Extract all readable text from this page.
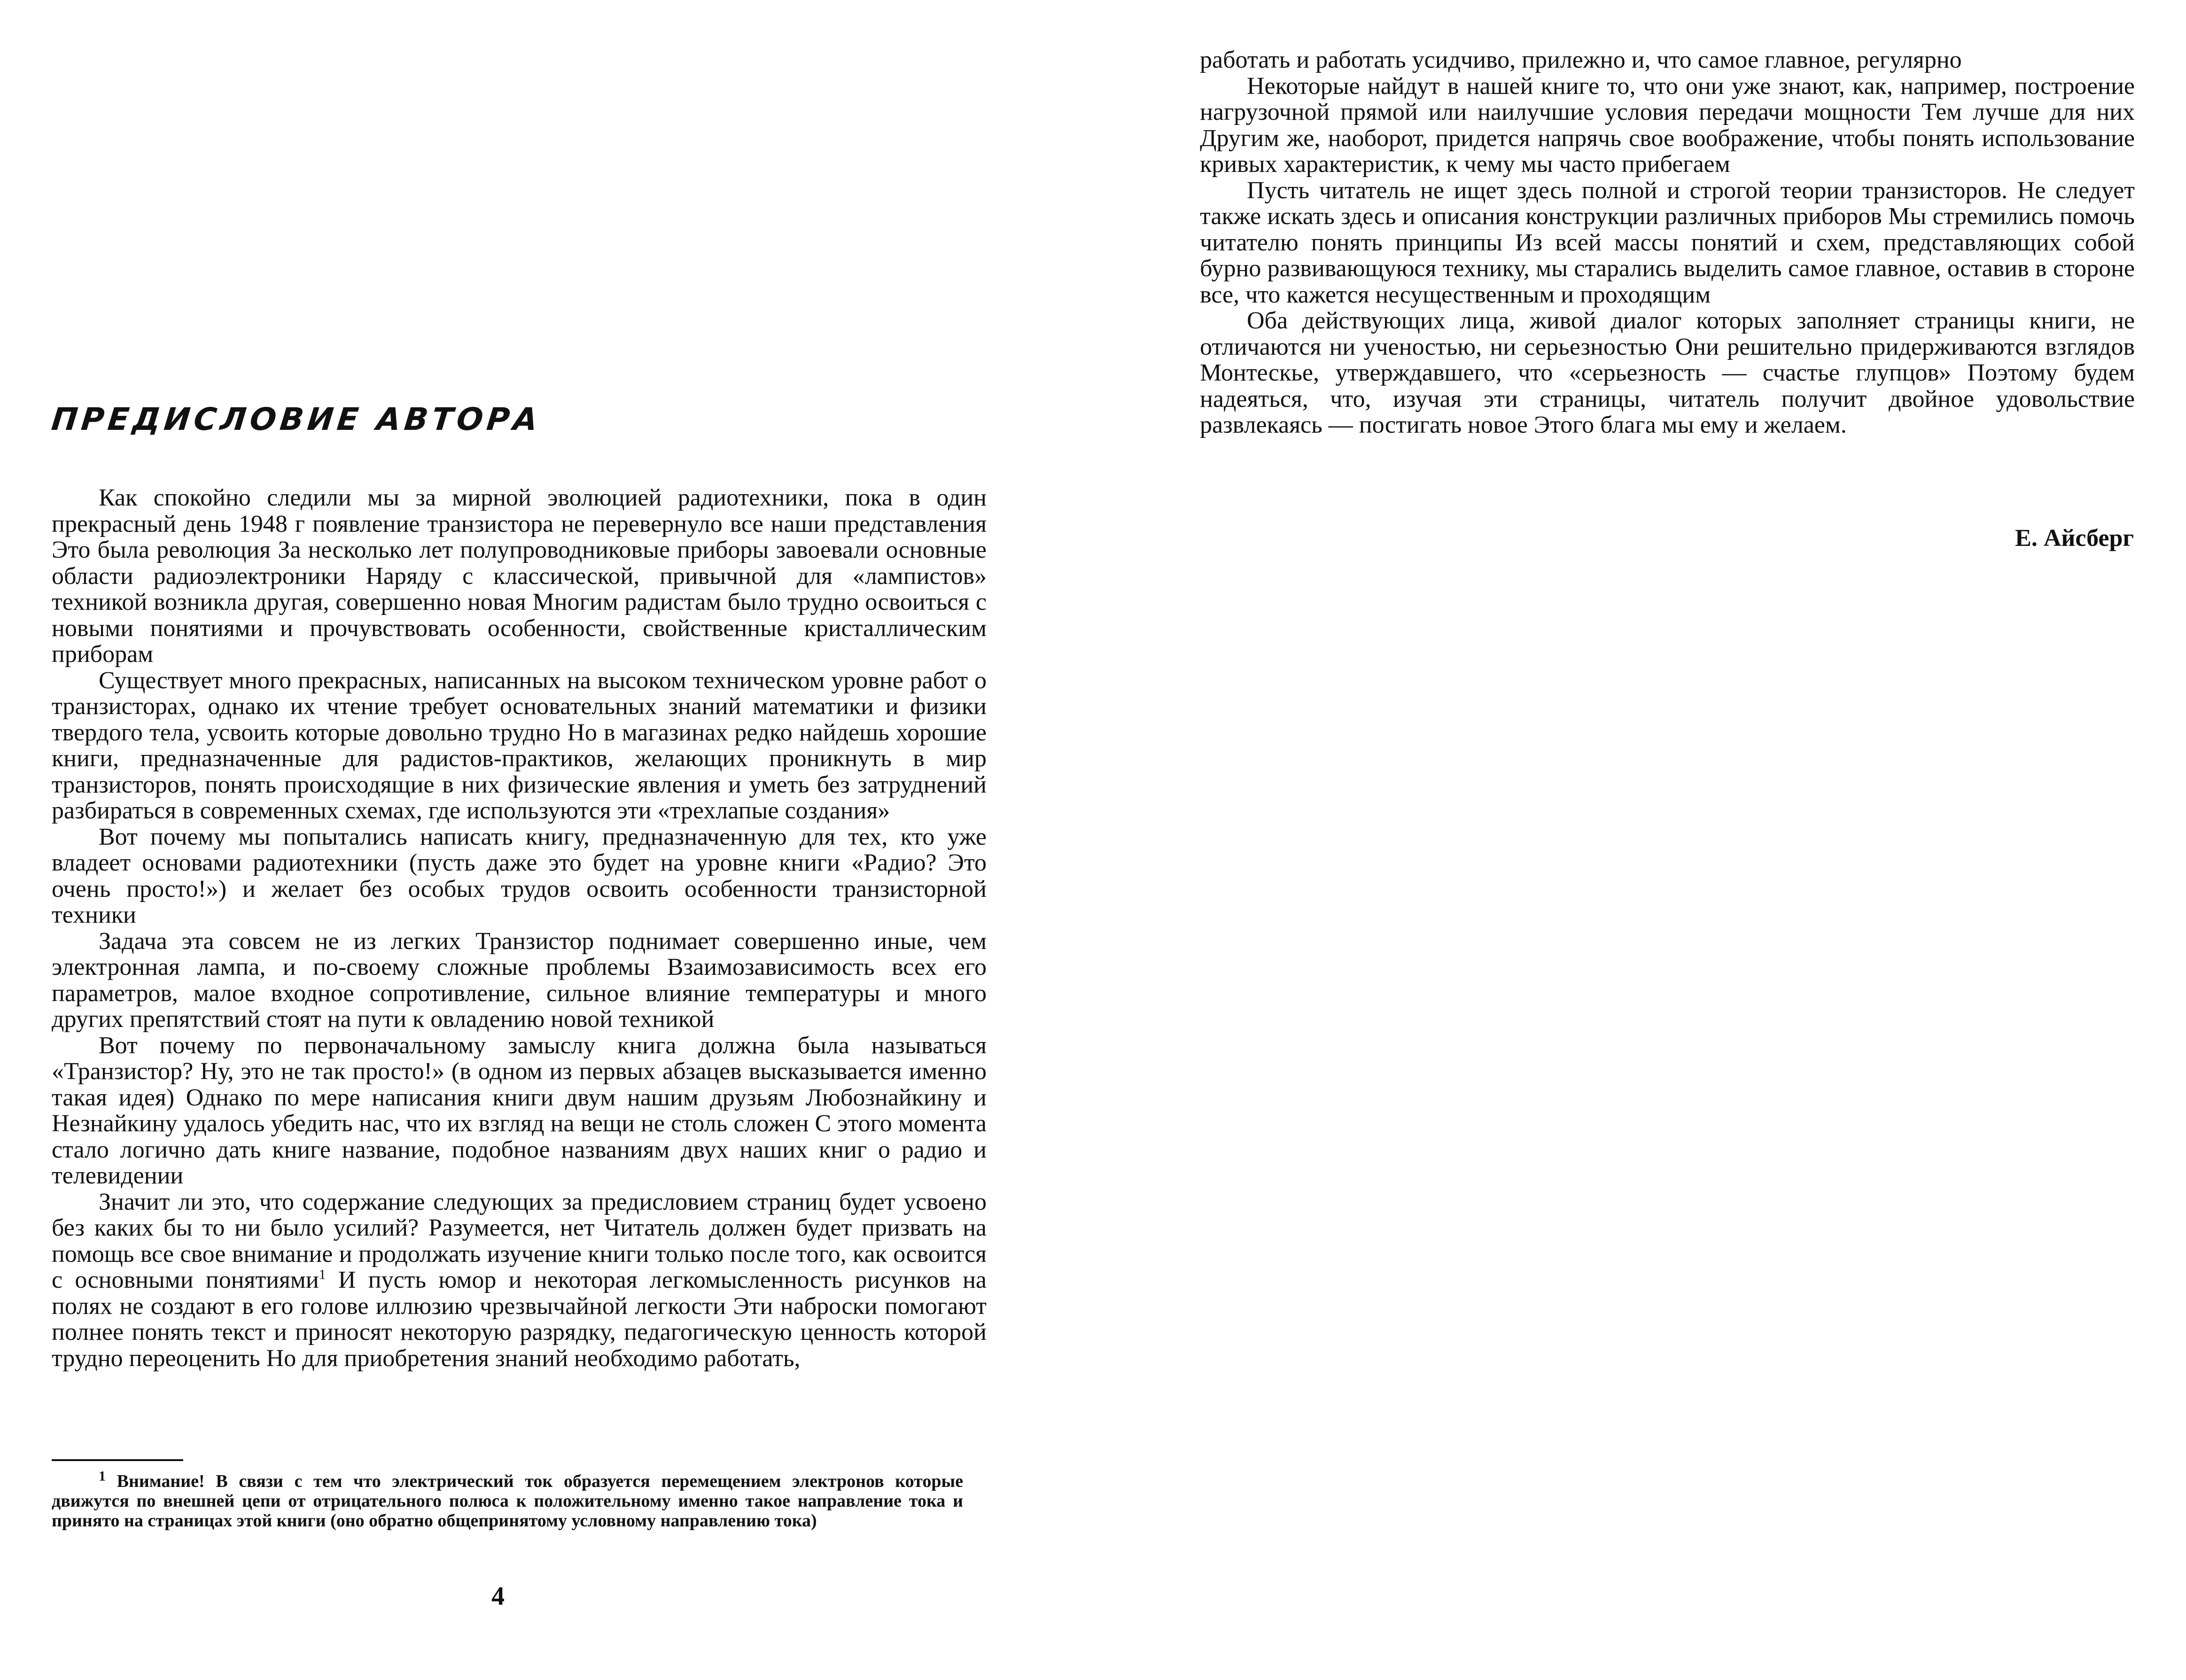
ПРЕДИСЛОВИЕ АВТОРА

Как спокойно следили мы за мирной эволюцией радиотехники, пока в один прекрасный день 1948 г появление транзистора не перевернуло все наши представления Это была революция За несколько лет полупроводниковые приборы завоевали основные области радиоэлектроники Наряду с классической, привычной для «лампистов» техникой возникла другая, совершенно новая Многим радистам было трудно освоиться с новыми понятиями и прочувствовать особенности, свойственные кристаллическим приборам

Существует много прекрасных, написанных на высоком техническом уровне работ о транзисторах, однако их чтение требует основательных знаний математики и физики твердого тела, усвоить которые довольно трудно Но в магазинах редко найдешь хорошие книги, предназначенные для радистов-практиков, желающих проникнуть в мир транзисторов, понять происходящие в них физические явления и уметь без затруднений разбираться в современных схемах, где используются эти «трехлапые создания»

Вот почему мы попытались написать книгу, предназначенную для тех, кто уже владеет основами радиотехники (пусть даже это будет на уровне книги «Радио? Это очень просто!») и желает без особых трудов освоить особенности транзисторной техники

Задача эта совсем не из легких Транзистор поднимает совершенно иные, чем электронная лампа, и по-своему сложные проблемы Взаимозависимость всех его параметров, малое входное сопротивление, сильное влияние температуры и много других препятствий стоят на пути к овладению новой техникой

Вот почему по первоначальному замыслу книга должна была называться «Транзистор? Ну, это не так просто!» (в одном из первых абзацев высказывается именно такая идея) Однако по мере написания книги двум нашим друзьям Любознайкину и Незнайкину удалось убедить нас, что их взгляд на вещи не столь сложен С этого момента стало логично дать книге название, подобное названиям двух наших книг о радио и телевидении

Значит ли это, что содержание следующих за предисловием страниц будет усвоено без каких бы то ни было усилий? Разумеется, нет Читатель должен будет призвать на помощь все свое внимание и продолжать изучение книги только после того, как освоится с основными понятиями$^1$ И пусть юмор и некоторая легкомысленность рисунков на полях не создают в его голове иллюзию чрезвычайной легкости Эти наброски помогают полнее понять текст и приносят некоторую разрядку, педагогическую ценность которой трудно переоценить Но для приобретения знаний необходимо работать,

$^1$ Внимание! В связи с тем что электрический ток образуется перемещением электронов которые движутся по внешней цепи от отрицательного полюса к положительному именно такое направление тока и принято на страницах этой книги (оно обратно общепринятому условному направлению тока)

4

работать и работать усидчиво, прилежно и, что самое главное, регулярно

Некоторые найдут в нашей книге то, что они уже знают, как, например, построение нагрузочной прямой или наилучшие условия передачи мощности Тем лучше для них Другим же, наоборот, придется напрячь свое воображение, чтобы понять использование кривых характеристик, к чему мы часто прибегаем

Пусть читатель не ищет здесь полной и строгой теории транзисторов. Не следует также искать здесь и описания конструкции различных приборов Мы стремились помочь читателю понять принципы Из всей массы понятий и схем, представляющих собой бурно развивающуюся технику, мы старались выделить самое главное, оставив в стороне все, что кажется несущественным и проходящим

Оба действующих лица, живой диалог которых заполняет страницы книги, не отличаются ни ученостью, ни серьезностью Они решительно придерживаются взглядов Монтескье, утверждавшего, что «серьезность — счастье глупцов» Поэтому будем надеяться, что, изучая эти страницы, читатель получит двойное удовольствие развлекаясь — постигать новое Этого блага мы ему и желаем.

Е. Айсберг
